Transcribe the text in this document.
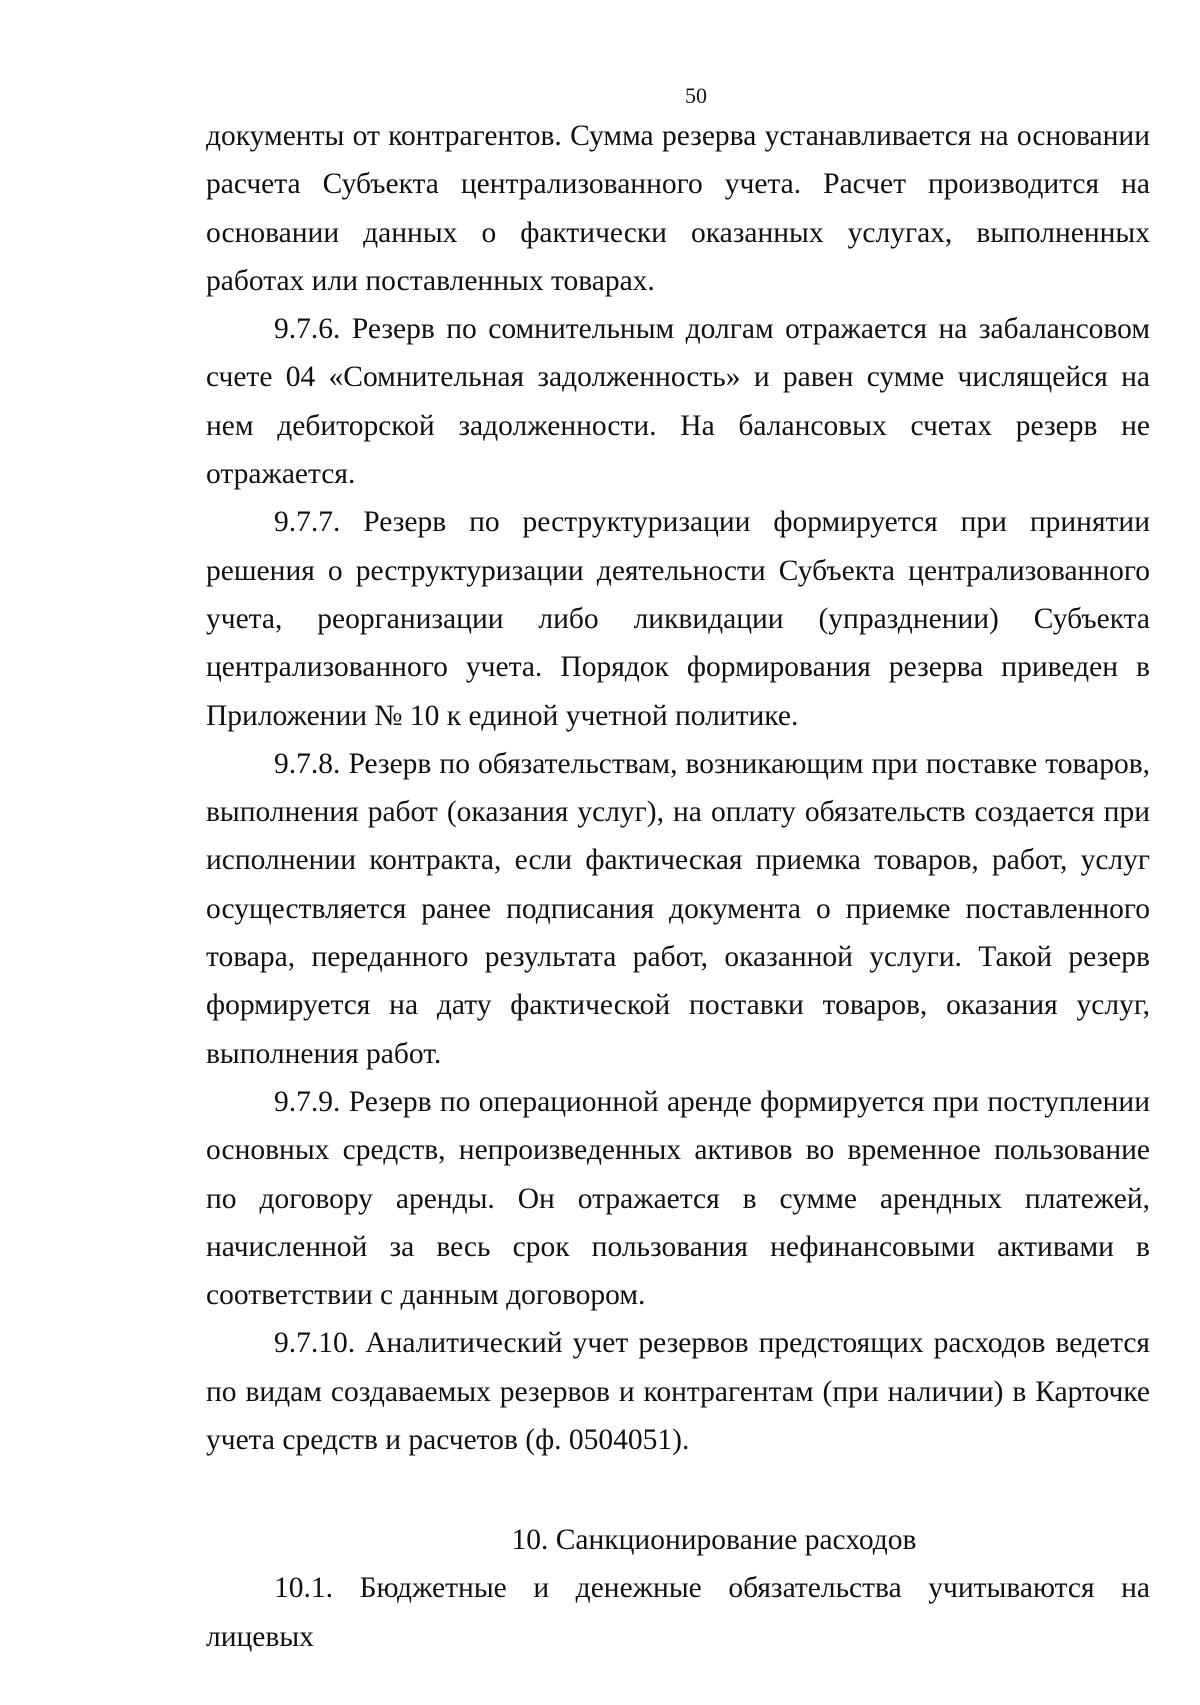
50

документы от контрагентов. Сумма резерва устанавливается на основании расчета Субъекта централизованного учета. Расчет производится на основании данных о фактически оказанных услугах, выполненных работах или поставленных товарах.

9.7.6. Резерв по сомнительным долгам отражается на забалансовом счете 04 «Сомнительная задолженность» и равен сумме числящейся на нем дебиторской задолженности. На балансовых счетах резерв не отражается.

9.7.7. Резерв по реструктуризации формируется при принятии решения о реструктуризации деятельности Субъекта централизованного учета, реорганизации либо ликвидации (упразднении) Субъекта централизованного учета. Порядок формирования резерва приведен в Приложении № 10 к единой учетной политике.

9.7.8. Резерв по обязательствам, возникающим при поставке товаров, выполнения работ (оказания услуг), на оплату обязательств создается при исполнении контракта, если фактическая приемка товаров, работ, услуг осуществляется ранее подписания документа о приемке поставленного товара, переданного результата работ, оказанной услуги. Такой резерв формируется на дату фактической поставки товаров, оказания услуг, выполнения работ.

9.7.9. Резерв по операционной аренде формируется при поступлении основных средств, непроизведенных активов во временное пользование по договору аренды. Он отражается в сумме арендных платежей, начисленной за весь срок пользования нефинансовыми активами в соответствии с данным договором.

9.7.10. Аналитический учет резервов предстоящих расходов ведется по видам создаваемых резервов и контрагентам (при наличии) в Карточке учета средств и расчетов (ф. 0504051).

10. Санкционирование расходов

10.1. Бюджетные и денежные обязательства учитываются на лицевых
